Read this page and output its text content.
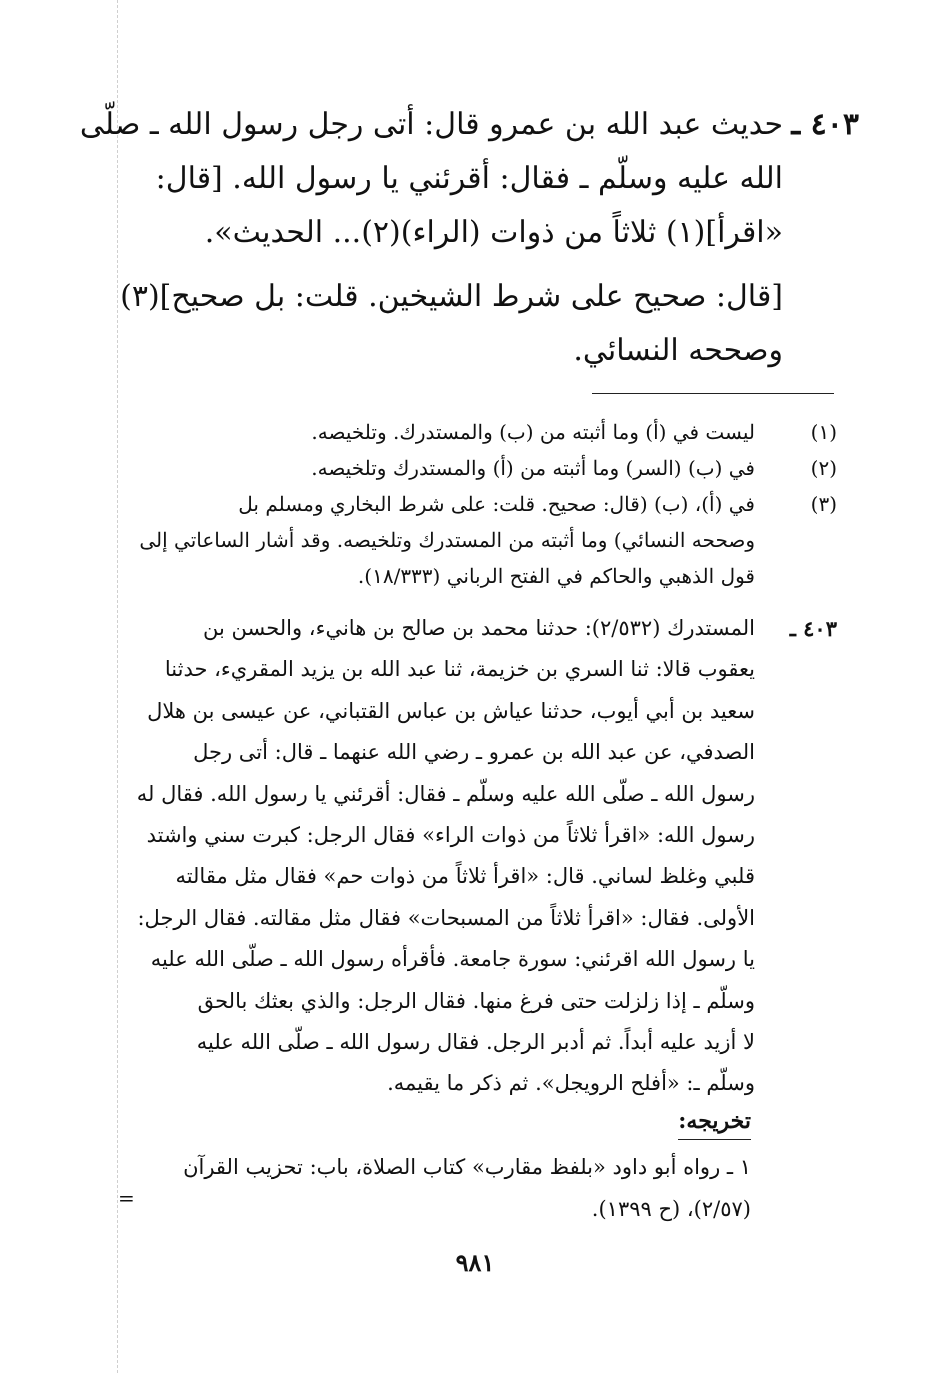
٤٠٣ ـ
حديث عبد الله بن عمرو قال: أتى رجل رسول الله ـ صلّى
الله عليه وسلّم ـ فقال: أقرئني يا رسول الله. [قال:
«اقرأ](١) ثلاثاً من ذوات (الراء)(٢)... الحديث».
[قال: صحيح على شرط الشيخين. قلت: بل صحيح](٣)
وصححه النسائي.
(١)
ليست في (أ) وما أثبته من (ب) والمستدرك. وتلخيصه.
(٢)
في (ب) (السر) وما أثبته من (أ) والمستدرك وتلخيصه.
(٣)
في (أ)، (ب) (قال: صحيح. قلت: على شرط البخاري ومسلم بل
وصححه النسائي) وما أثبته من المستدرك وتلخيصه. وقد أشار الساعاتي إلى
قول الذهبي والحاكم في الفتح الرباني (١٨/٣٣٣).
٤٠٣ ـ
المستدرك (٢/٥٣٢): حدثنا محمد بن صالح بن هانيء، والحسن بن
يعقوب قالا: ثنا السري بن خزيمة، ثنا عبد الله بن يزيد المقريء، حدثنا
سعيد بن أبي أيوب، حدثنا عياش بن عباس القتباني، عن عيسى بن هلال
الصدفي، عن عبد الله بن عمرو ـ رضي الله عنهما ـ قال: أتى رجل
رسول الله ـ صلّى الله عليه وسلّم ـ فقال: أقرئني يا رسول الله. فقال له
رسول الله: «اقرأ ثلاثاً من ذوات الراء» فقال الرجل: كبرت سني واشتد
قلبي وغلظ لساني. قال: «اقرأ ثلاثاً من ذوات حم» فقال مثل مقالته
الأولى. فقال: «اقرأ ثلاثاً من المسبحات» فقال مثل مقالته. فقال الرجل:
يا رسول الله اقرئني: سورة جامعة. فأقرأه رسول الله ـ صلّى الله عليه
وسلّم ـ إذا زلزلت حتى فرغ منها. فقال الرجل: والذي بعثك بالحق
لا أزيد عليه أبداً. ثم أدبر الرجل. فقال رسول الله ـ صلّى الله عليه
وسلّم ـ: «أفلح الرويجل». ثم ذكر ما يقيمه.
تخريجه:
١ ـ رواه أبو داود «بلفظ مقارب» كتاب الصلاة، باب: تحزيب القرآن
(٢/٥٧)، (ح ١٣٩٩).
=
٩٨١
